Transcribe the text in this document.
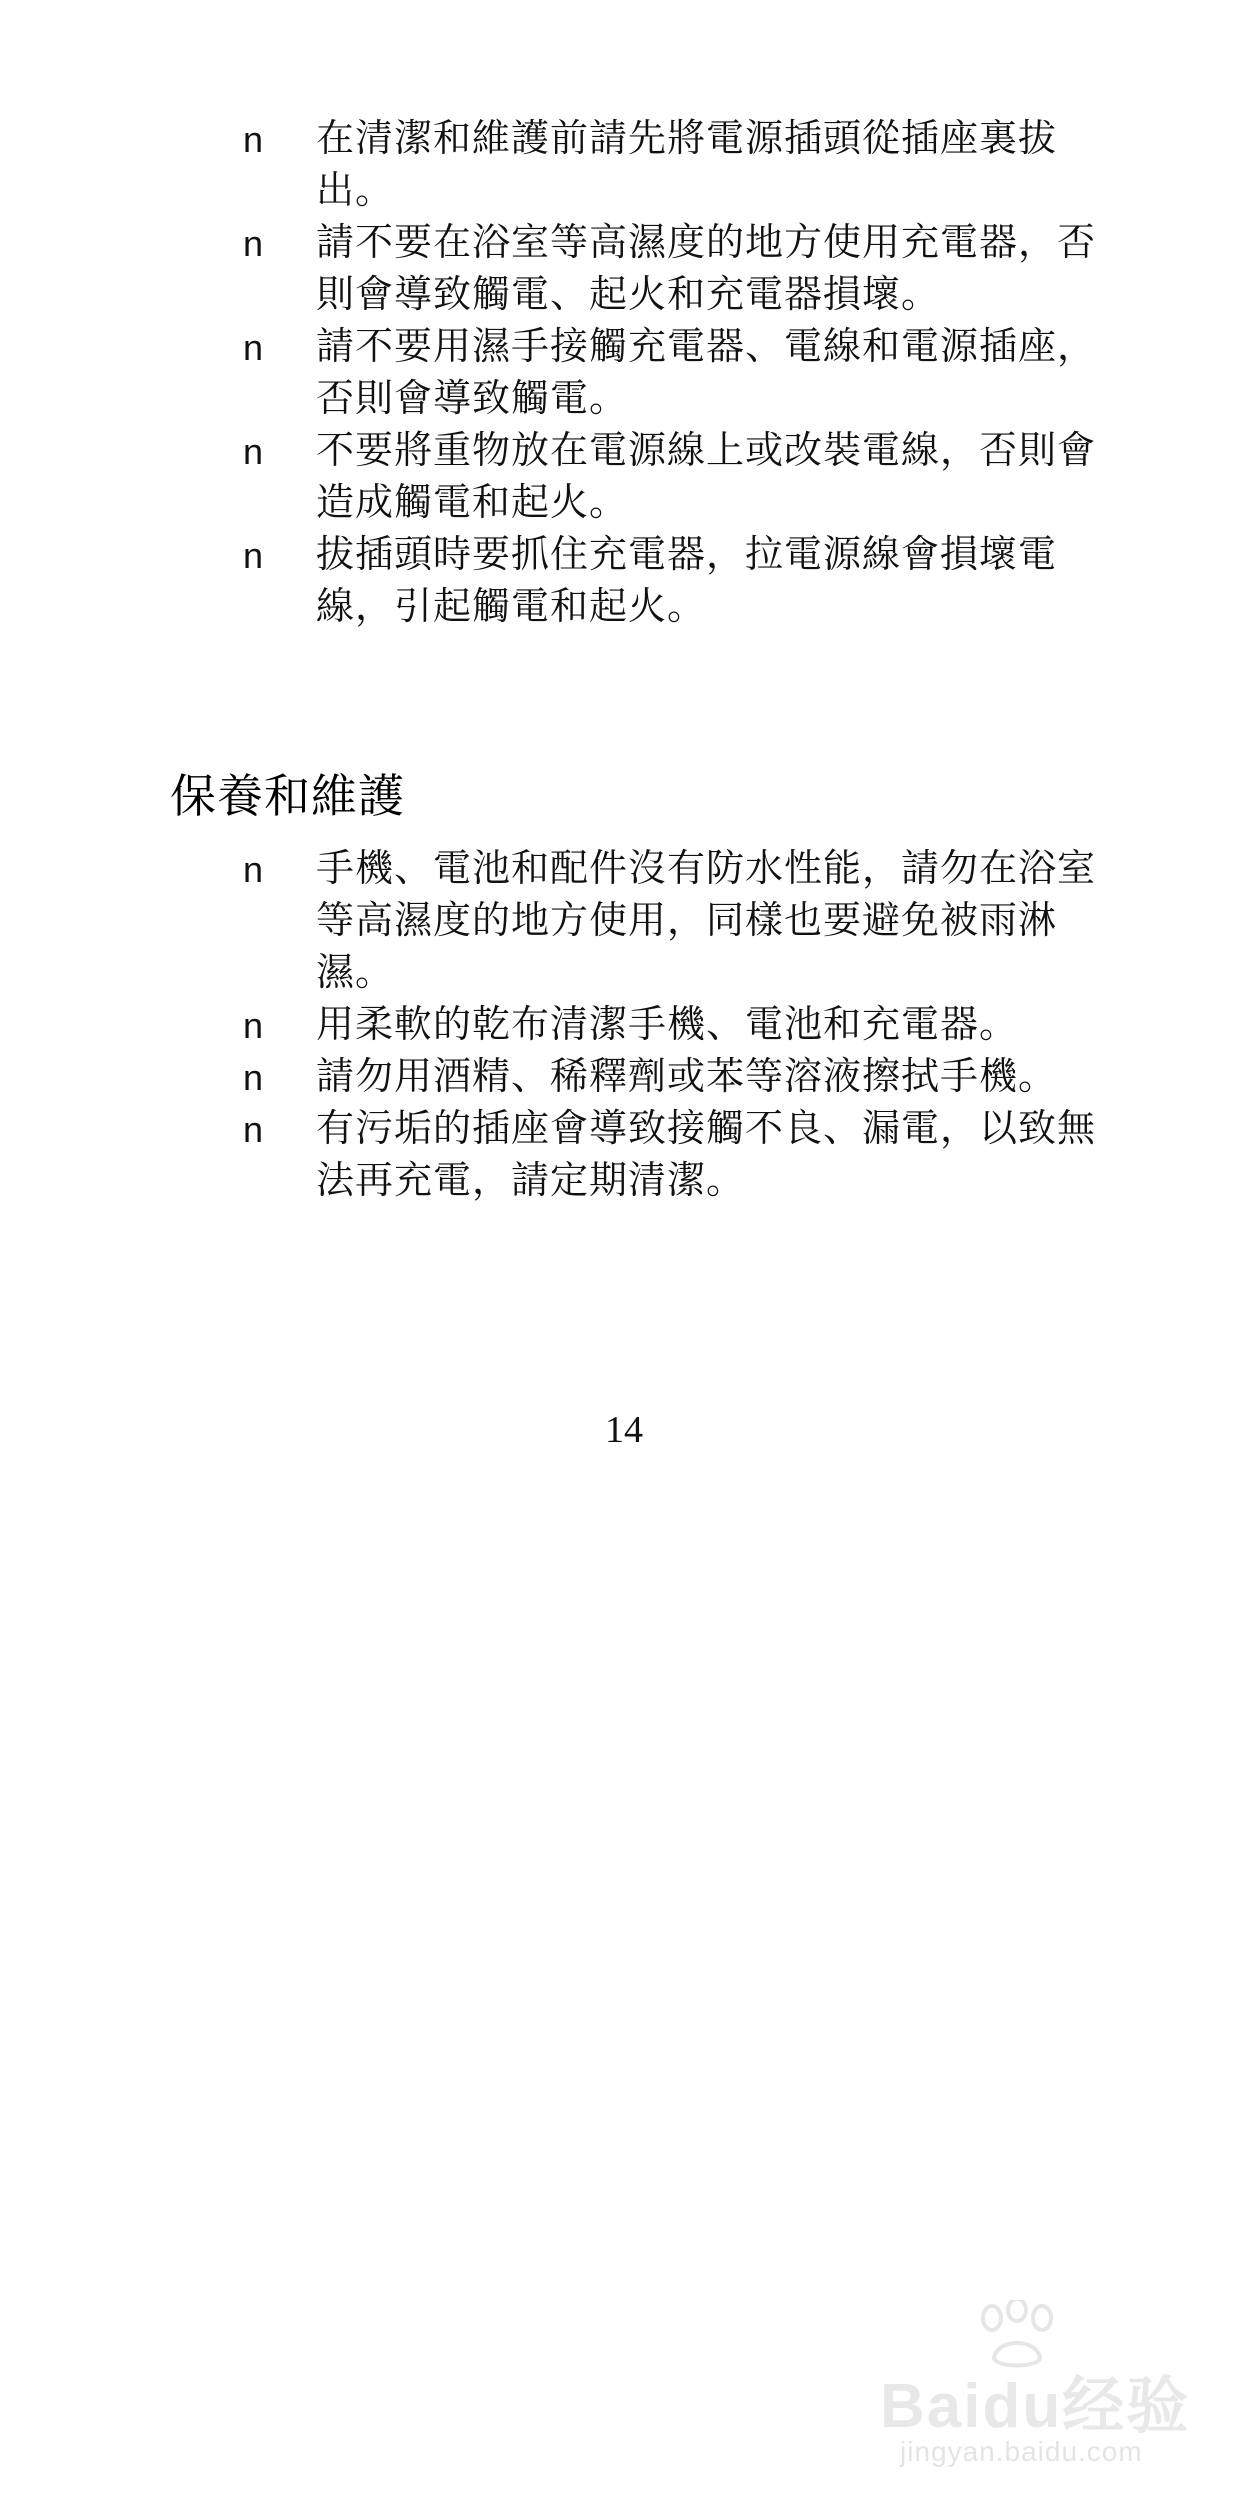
n 在清潔和維護前請先將電源插頭從插座裏拔出。
n 請不要在浴室等高濕度的地方使用充電器，否則會導致觸電、起火和充電器損壞。
n 請不要用濕手接觸充電器、電線和電源插座，否則會導致觸電。
n 不要將重物放在電源線上或改裝電線，否則會造成觸電和起火。
n 拔插頭時要抓住充電器，拉電源線會損壞電線，引起觸電和起火。
保養和維護
n 手機、電池和配件沒有防水性能，請勿在浴室等高濕度的地方使用，同樣也要避免被雨淋濕。
n 用柔軟的乾布清潔手機、電池和充電器。
n 請勿用酒精、稀釋劑或苯等溶液擦拭手機。
n 有污垢的插座會導致接觸不良、漏電，以致無法再充電，請定期清潔。
14
Baidu经验
jingyan.baidu.com
